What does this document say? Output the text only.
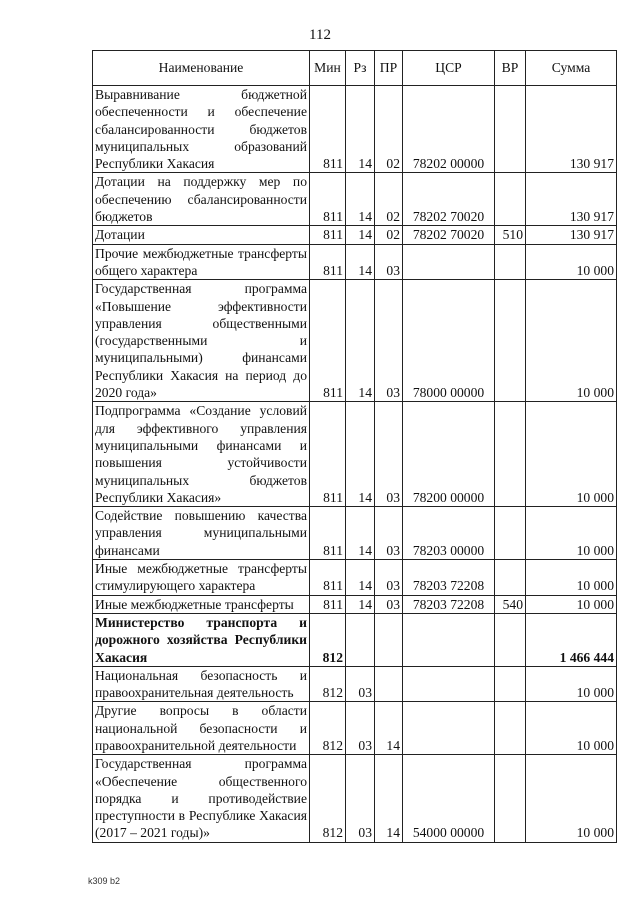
112
Наименование	Мин	Рз	ПР	ЦСР	ВР	Сумма
Выравнивание бюджетной обеспеченности и обеспечение сбалансированности бюджетов муниципальных образований Республики Хакасия	811	14	02	78202 00000		130 917
Дотации на поддержку мер по обеспечению сбалансированности бюджетов	811	14	02	78202 70020		130 917
Дотации	811	14	02	78202 70020	510	130 917
Прочие межбюджетные трансферты общего характера	811	14	03			10 000
Государственная программа «Повышение эффективности управления общественными (государственными и муниципальными) финансами Республики Хакасия на период до 2020 года»	811	14	03	78000 00000		10 000
Подпрограмма «Создание условий для эффективного управления муниципальными финансами и повышения устойчивости муниципальных бюджетов Республики Хакасия»	811	14	03	78200 00000		10 000
Содействие повышению качества управления муниципальными финансами	811	14	03	78203 00000		10 000
Иные межбюджетные трансферты стимулирующего характера	811	14	03	78203 72208		10 000
Иные межбюджетные трансферты	811	14	03	78203 72208	540	10 000
Министерство транспорта и дорожного хозяйства Республики Хакасия	812					1 466 444
Национальная безопасность и правоохранительная деятельность	812	03				10 000
Другие вопросы в области национальной безопасности и правоохранительной деятельности	812	03	14			10 000
Государственная программа «Обеспечение общественного порядка и противодействие преступности в Республике Хакасия (2017 – 2021 годы)»	812	03	14	54000 00000		10 000
k309 b2
